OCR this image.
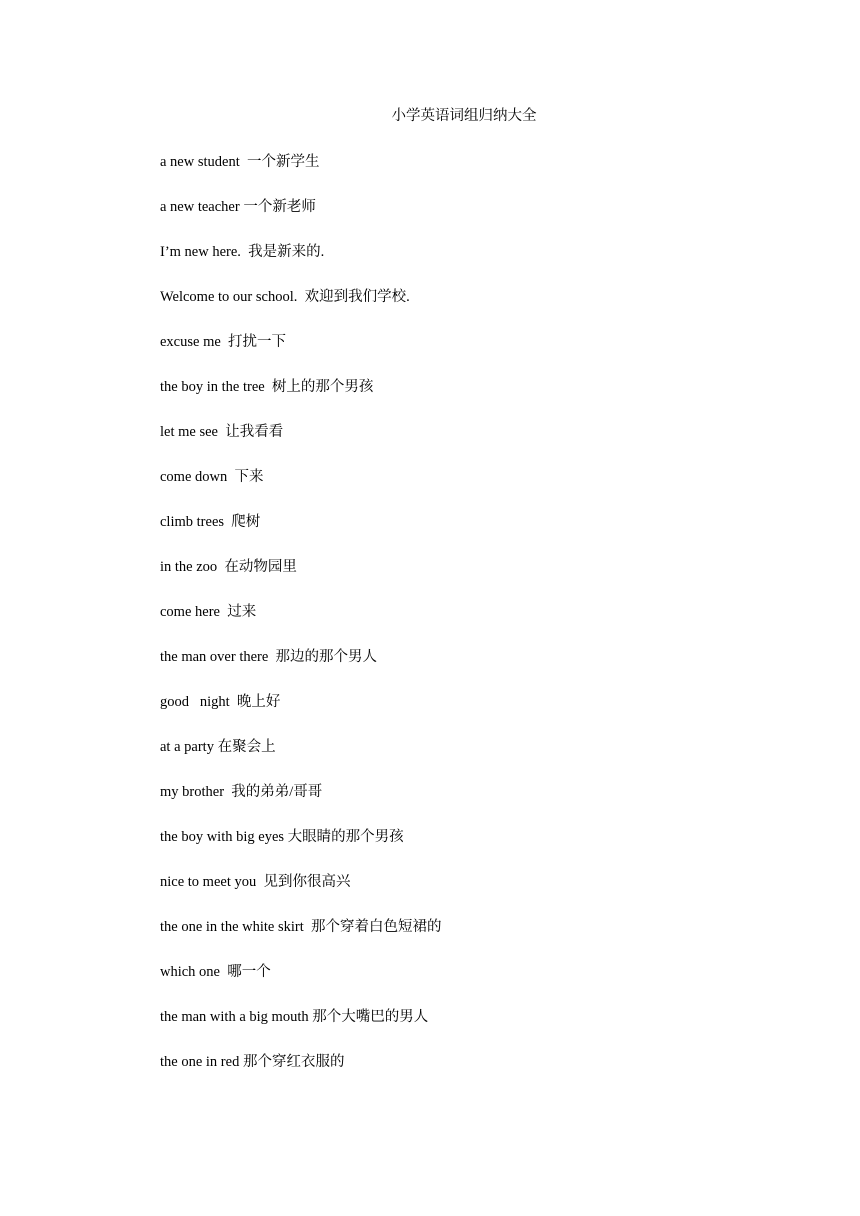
小学英语词组归纳大全
a new student  一个新学生
a new teacher 一个新老师
I’m new here.  我是新来的.
Welcome to our school.  欢迎到我们学校.
excuse me  打扰一下
the boy in the tree  树上的那个男孩
let me see  让我看看
come down  下来
climb trees  爬树
in the zoo  在动物园里
come here  过来
the man over there  那边的那个男人
good   night  晚上好
at a party 在聚会上
my brother  我的弟弟/哥哥
the boy with big eyes 大眼睛的那个男孩
nice to meet you  见到你很高兴
the one in the white skirt  那个穿着白色短裙的
which one  哪一个
the man with a big mouth 那个大嘴巴的男人
the one in red 那个穿红衣服的
